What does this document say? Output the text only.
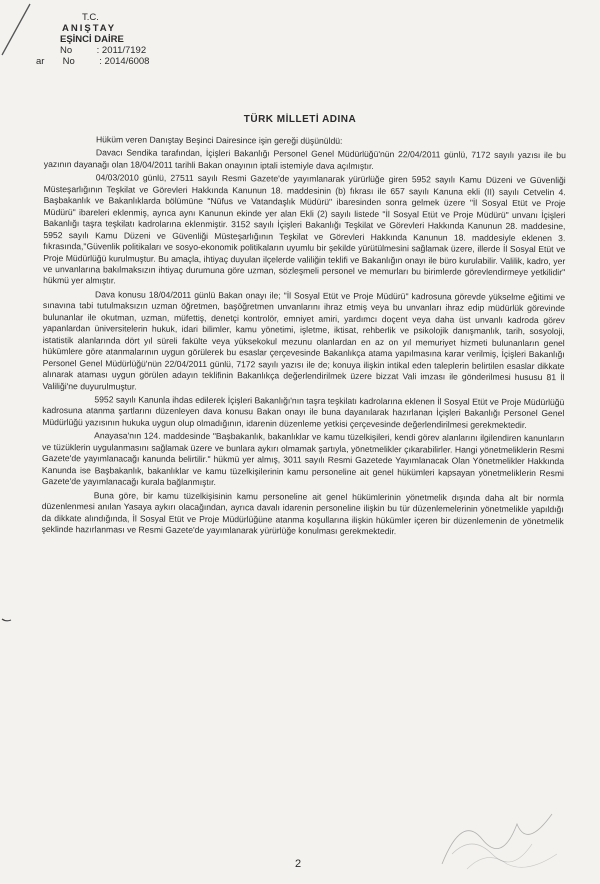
T.C.
ANIŞTAY
EŞİNCİ DAİRE
No	: 2011/7192
ar No	: 2014/6008
TÜRK MİLLETİ ADINA

Hüküm veren Danıştay Beşinci Dairesince işin gereği düşünüldü:

Davacı Sendika tarafından, İçişleri Bakanlığı Personel Genel Müdürlüğü'nün 22/04/2011 günlü, 7172 sayılı yazısı ile bu yazının dayanağı olan 18/04/2011 tarihli Bakan onayının iptali istemiyle dava açılmıştır.

04/03/2010 günlü, 27511 sayılı Resmi Gazete'de yayımlanarak yürürlüğe giren 5952 sayılı Kamu Düzeni ve Güvenliği Müsteşarlığının Teşkilat ve Görevleri Hakkında Kanunun 18. maddesinin (b) fıkrası ile 657 sayılı Kanuna ekli (II) sayılı Cetvelin 4. Başbakanlık ve Bakanlıklarda bölümüne "Nüfus ve Vatandaşlık Müdürü" ibaresinden sonra gelmek üzere "İl Sosyal Etüt ve Proje Müdürü" ibareleri eklenmiş, ayrıca aynı Kanunun ekinde yer alan Ekli (2) sayılı listede "İl Sosyal Etüt ve Proje Müdürü" unvanı İçişleri Bakanlığı taşra teşkilatı kadrolarına eklenmiştir. 3152 sayılı İçişleri Bakanlığı Teşkilat ve Görevleri Hakkında Kanunun 28. maddesine, 5952 sayılı Kamu Düzeni ve Güvenliği Müsteşarlığının Teşkilat ve Görevleri Hakkında Kanunun 18. maddesiyle eklenen 3. fıkrasında,"Güvenlik politikaları ve sosyo-ekonomik politikaların uyumlu bir şekilde yürütülmesini sağlamak üzere, illerde İl Sosyal Etüt ve Proje Müdürlüğü kurulmuştur. Bu amaçla, ihtiyaç duyulan ilçelerde valiliğin teklifi ve Bakanlığın onayı ile büro kurulabilir. Valilik, kadro, yer ve unvanlarına bakılmaksızın ihtiyaç durumuna göre uzman, sözleşmeli personel ve memurları bu birimlerde görevlendirmeye yetkilidir" hükmü yer almıştır.

Dava konusu 18/04/2011 günlü Bakan onayı ile; "İl Sosyal Etüt ve Proje Müdürü" kadrosuna görevde yükselme eğitimi ve sınavına tabi tutulmaksızın uzman öğretmen, başöğretmen unvanlarını ihraz etmiş veya bu unvanları ihraz edip müdürlük görevinde bulunanlar ile okutman, uzman, müfettiş, denetçi kontrolör, emniyet amiri, yardımcı doçent veya daha üst unvanlı kadroda görev yapanlardan üniversitelerin hukuk, idari bilimler, kamu yönetimi, işletme, iktisat, rehberlik ve psikolojik danışmanlık, tarih, sosyoloji, istatistik alanlarında dört yıl süreli fakülte veya yüksekokul mezunu olanlardan en az on yıl memuriyet hizmeti bulunanların genel hükümlere göre atanmalarının uygun görülerek bu esaslar çerçevesinde Bakanlıkça atama yapılmasına karar verilmiş, İçişleri Bakanlığı Personel Genel Müdürlüğü'nün 22/04/2011 günlü, 7172 sayılı yazısı ile de; konuya ilişkin intikal eden taleplerin belirtilen esaslar dikkate alınarak ataması uygun görülen adayın teklifinin Bakanlıkça değerlendirilmek üzere bizzat Vali imzası ile gönderilmesi hususu 81 İl Valiliği'ne duyurulmuştur.

5952 sayılı Kanunla ihdas edilerek İçişleri Bakanlığı'nın taşra teşkilatı kadrolarına eklenen İl Sosyal Etüt ve Proje Müdürlüğü kadrosuna atanma şartlarını düzenleyen dava konusu Bakan onayı ile buna dayanılarak hazırlanan İçişleri Bakanlığı Personel Genel Müdürlüğü yazısının hukuka uygun olup olmadığının, idarenin düzenleme yetkisi çerçevesinde değerlendirilmesi gerekmektedir.

Anayasa'nın 124. maddesinde "Başbakanlık, bakanlıklar ve kamu tüzelkişileri, kendi görev alanlarını ilgilendiren kanunların ve tüzüklerin uygulanmasını sağlamak üzere ve bunlara aykırı olmamak şartıyla, yönetmelikler çıkarabilirler. Hangi yönetmeliklerin Resmi Gazete'de yayımlanacağı kanunda belirtilir." hükmü yer almış, 3011 sayılı Resmi Gazetede Yayımlanacak Olan Yönetmelikler Hakkında Kanunda ise Başbakanlık, bakanlıklar ve kamu tüzelkişilerinin kamu personeline ait genel hükümleri kapsayan yönetmeliklerin Resmi Gazete'de yayımlanacağı kurala bağlanmıştır.

Buna göre, bir kamu tüzelkişisinin kamu personeline ait genel hükümlerinin yönetmelik dışında daha alt bir normla düzenlenmesi anılan Yasaya aykırı olacağından, ayrıca davalı idarenin personeline ilişkin bu tür düzenlemelerinin yönetmelikle yapıldığı da dikkate alındığında, İl Sosyal Etüt ve Proje Müdürlüğüne atanma koşullarına ilişkin hükümler içeren bir düzenlemenin de yönetmelik şeklinde hazırlanması ve Resmi Gazete'de yayımlanarak yürürlüğe konulması gerekmektedir.

2
